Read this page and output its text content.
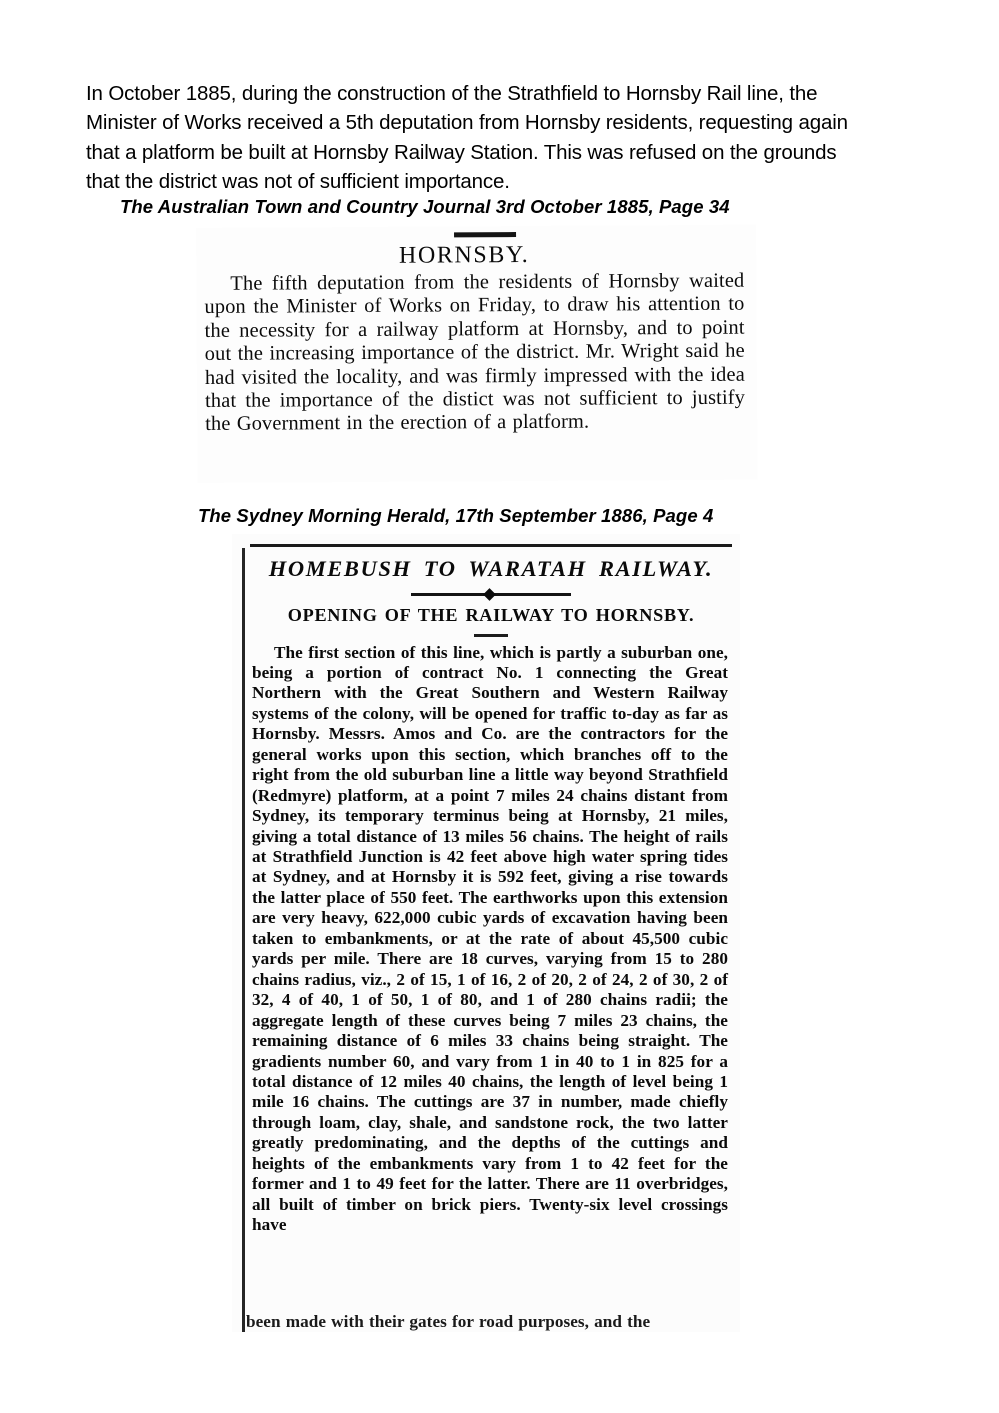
In October 1885, during the construction of the Strathfield to Hornsby Rail line, the Minister of Works received a 5th deputation from Hornsby residents, requesting again that a platform be built at Hornsby Railway Station. This was refused on the grounds that the district was not of sufficient importance.

The Australian Town and Country Journal 3rd October 1885, Page 34
HORNSBY.
The fifth deputation from the residents of Hornsby waited upon the Minister of Works on Friday, to draw his attention to the necessity for a railway platform at Hornsby, and to point out the increasing importance of the district. Mr. Wright said he had visited the locality, and was firmly impressed with the idea that the importance of the distict was not sufficient to justify the Government in the erection of a platform.
The Sydney Morning Herald, 17th September 1886, Page 4
HOMEBUSH TO WARATAH RAILWAY.
OPENING OF THE RAILWAY TO HORNSBY.
The first section of this line, which is partly a suburban one, being a portion of contract No. 1 connecting the Great Northern with the Great Southern and Western Railway systems of the colony, will be opened for traffic to-day as far as Hornsby. Messrs. Amos and Co. are the contractors for the general works upon this section, which branches off to the right from the old suburban line a little way beyond Strathfield (Redmyre) platform, at a point 7 miles 24 chains distant from Sydney, its temporary terminus being at Hornsby, 21 miles, giving a total distance of 13 miles 56 chains. The height of rails at Strathfield Junction is 42 feet above high water spring tides at Sydney, and at Hornsby it is 592 feet, giving a rise towards the latter place of 550 feet. The earthworks upon this extension are very heavy, 622,000 cubic yards of excavation having been taken to embankments, or at the rate of about 45,500 cubic yards per mile. There are 18 curves, varying from 15 to 280 chains radius, viz., 2 of 15, 1 of 16, 2 of 20, 2 of 24, 2 of 30, 2 of 32, 4 of 40, 1 of 50, 1 of 80, and 1 of 280 chains radii; the aggregate length of these curves being 7 miles 23 chains, the remaining distance of 6 miles 33 chains being straight. The gradients number 60, and vary from 1 in 40 to 1 in 825 for a total distance of 12 miles 40 chains, the length of level being 1 mile 16 chains. The cuttings are 37 in number, made chiefly through loam, clay, shale, and sandstone rock, the two latter greatly predominating, and the depths of the cuttings and heights of the embankments vary from 1 to 42 feet for the former and 1 to 49 feet for the latter. There are 11 overbridges, all built of timber on brick piers. Twenty-six level crossings have
been made with their gates for road purposes, and the
